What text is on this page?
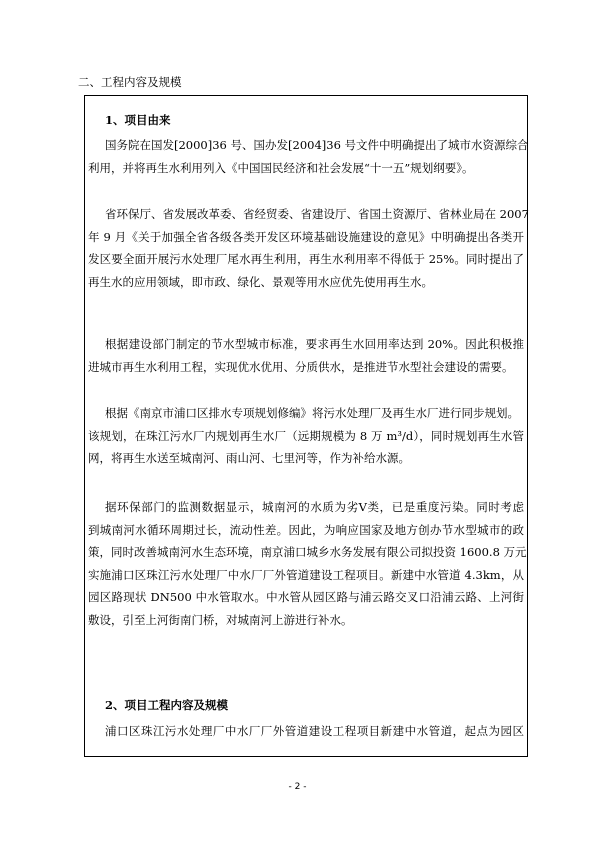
二、工程内容及规模
1、项目由来
国务院在国发[2000]36 号、国办发[2004]36 号文件中明确提出了城市水资源综合
利用，并将再生水利用列入《中国国民经济和社会发展“十一五”规划纲要》。
省环保厅、省发展改革委、省经贸委、省建设厅、省国土资源厅、省林业局在 2007
年 9 月《关于加强全省各级各类开发区环境基础设施建设的意见》中明确提出各类开
发区要全面开展污水处理厂尾水再生利用，再生水利用率不得低于 25%。同时提出了
再生水的应用领域，即市政、绿化、景观等用水应优先使用再生水。
根据建设部门制定的节水型城市标准，要求再生水回用率达到 20%。因此积极推
进城市再生水利用工程，实现优水优用、分质供水，是推进节水型社会建设的需要。
根据《南京市浦口区排水专项规划修编》将污水处理厂及再生水厂进行同步规划。
该规划，在珠江污水厂内规划再生水厂（远期规模为 8 万 m³/d），同时规划再生水管
网，将再生水送至城南河、雨山河、七里河等，作为补给水源。
据环保部门的监测数据显示，城南河的水质为劣Ⅴ类，已是重度污染。同时考虑
到城南河水循环周期过长，流动性差。因此，为响应国家及地方创办节水型城市的政
策，同时改善城南河水生态环境，南京浦口城乡水务发展有限公司拟投资 1600.8 万元
实施浦口区珠江污水处理厂中水厂厂外管道建设工程项目。新建中水管道 4.3km，从
园区路现状 DN500 中水管取水。中水管从园区路与浦云路交叉口沿浦云路、上河街
敷设，引至上河街南门桥，对城南河上游进行补水。
2、项目工程内容及规模
浦口区珠江污水处理厂中水厂厂外管道建设工程项目新建中水管道，起点为园区
- 2 -
